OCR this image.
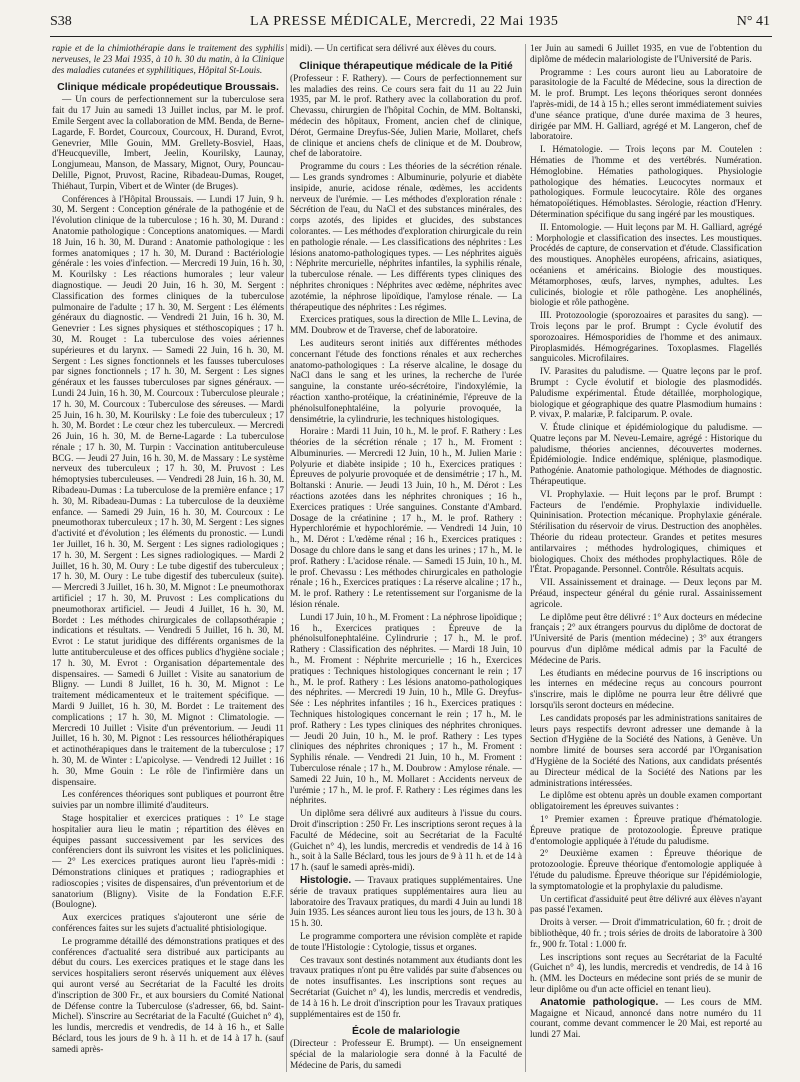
S38	LA PRESSE MÉDICALE, Mercredi, 22 Mai 1935	N° 41

rapie et de la chimiothérapie dans le traitement des syphilis nerveuses, le 23 Mai 1935, à 10 h. 30 du matin, à la Clinique des maladies cutanées et syphilitiques, Hôpital St-Louis.

Clinique médicale propédeutique Broussais.

— Un cours de perfectionnement sur la tuberculose sera fait du 17 Juin au samedi 13 Juillet inclus, par M. le prof. Emile Sergent avec la collaboration de MM. Benda, de Berne-Lagarde, F. Bordet, Courcoux, Courcoux, H. Durand, Evrot, Genevrier, Mlle Gouin, MM. Grellety-Bosviel, Haas, d'Heucqueville, Imbert, Jeelin, Kourilsky, Launay, Longjumeau, Manson, de Massary, Mignot, Oury, Pouncau-Delille, Pignot, Pruvost, Racine, Ribadeau-Dumas, Rouget, Thiéhaut, Turpin, Vibert et de Winter (de Bruges).

Conférences à l'Hôpital Broussais. — Lundi 17 Juin, 9 h. 30, M. Sergent : Conception générale de la pathogénie et de l'évolution clinique de la tuberculose ; 16 h. 30, M. Durand : Anatomie pathologique : Conceptions anatomiques. — Mardi 18 Juin, 16 h. 30, M. Durand : Anatomie pathologique : les formes anatomiques ; 17 h. 30, M. Durand : Bactériologie générale : les voies d'infection. — Mercredi 19 Juin, 16 h. 30, M. Kourilsky : Les réactions humorales ; leur valeur diagnostique. — Jeudi 20 Juin, 16 h. 30, M. Sergent : Classification des formes cliniques de la tuberculose pulmonaire de l'adulte ; 17 h. 30, M. Sergent : Les éléments généraux du diagnostic. — Vendredi 21 Juin, 16 h. 30, M. Genevrier : Les signes physiques et stéthoscopiques ; 17 h. 30, M. Rouget : La tuberculose des voies aériennes supérieures et du larynx. — Samedi 22 Juin, 16 h. 30, M. Sergent : Les signes fonctionnels et les fausses tuberculoses par signes fonctionnels ; 17 h. 30, M. Sergent : Les signes généraux et les fausses tuberculoses par signes généraux. — Lundi 24 Juin, 16 h. 30, M. Courcoux : Tuberculose pleurale ; 17 h. 30, M. Courcoux : Tuberculose des séreuses. — Mardi 25 Juin, 16 h. 30, M. Kourilsky : Le foie des tuberculeux ; 17 h. 30, M. Bordet : Le cœur chez les tuberculeux. — Mercredi 26 Juin, 16 h. 30, M. de Berne-Lagarde : La tuberculose rénale ; 17 h. 30, M. Turpin : Vaccination antituberculeuse BCG. — Jeudi 27 Juin, 16 h. 30, M. de Massary : Le système nerveux des tuberculeux ; 17 h. 30, M. Pruvost : Les hémoptysies tuberculeuses. — Vendredi 28 Juin, 16 h. 30, M. Ribadeau-Dumas : La tuberculose de la première enfance ; 17 h. 30, M. Ribadeau-Dumas : La tuberculose de la deuxième enfance. — Samedi 29 Juin, 16 h. 30, M. Courcoux : Le pneumothorax tuberculeux ; 17 h. 30, M. Sergent : Les signes d'activité et d'évolution ; les éléments du pronostic. — Lundi 1er Juillet, 16 h. 30, M. Sergent : Les signes radiologiques ; 17 h. 30, M. Sergent : Les signes radiologiques. — Mardi 2 Juillet, 16 h. 30, M. Oury : Le tube digestif des tuberculeux ; 17 h. 30, M. Oury : Le tube digestif des tuberculeux (suite). — Mercredi 3 Juillet, 16 h. 30, M. Mignot : Le pneumothorax artificiel ; 17 h. 30, M. Pruvost : Les complications du pneumothorax artificiel. — Jeudi 4 Juillet, 16 h. 30, M. Bordet : Les méthodes chirurgicales de collapsothérapie ; indications et résultats. — Vendredi 5 Juillet, 16 h. 30, M. Evrot : Le statut juridique des différents organismes de la lutte antituberculeuse et des offices publics d'hygiène sociale ; 17 h. 30, M. Evrot : Organisation départementale des dispensaires. — Samedi 6 Juillet : Visite au sanatorium de Bligny. — Lundi 8 Juillet, 16 h. 30, M. Mignot : Le traitement médicamenteux et le traitement spécifique. — Mardi 9 Juillet, 16 h. 30, M. Bordet : Le traitement des complications ; 17 h. 30, M. Mignot : Climatologie. — Mercredi 10 Juillet : Visite d'un préventorium. — Jeudi 11 Juillet, 16 h. 30, M. Pignot : Les ressources héliothérapiques et actinothérapiques dans le traitement de la tuberculose ; 17 h. 30, M. de Winter : L'apicolyse. — Vendredi 12 Juillet : 16 h. 30, Mme Gouin : Le rôle de l'infirmière dans un dispensaire.

Les conférences théoriques sont publiques et pourront être suivies par un nombre illimité d'auditeurs.

Stage hospitalier et exercices pratiques : 1° Le stage hospitalier aura lieu le matin ; répartition des élèves en équipes passant successivement par les services des conférenciers dont ils suivront les visites et les policliniques. — 2° Les exercices pratiques auront lieu l'après-midi : Démonstrations cliniques et pratiques ; radiographies et radioscopies ; visites de dispensaires, d'un préventorium et de sanatorium (Bligny). Visite de la Fondation E.F.F. (Boulogne).

Aux exercices pratiques s'ajouteront une série de conférences faites sur les sujets d'actualité phtisiologique.

Le programme détaillé des démonstrations pratiques et des conférences d'actualité sera distribué aux participants au début du cours. Les exercices pratiques et le stage dans les services hospitaliers seront réservés uniquement aux élèves qui auront versé au Secrétariat de la Faculté les droits d'inscription de 300 Fr., et aux boursiers du Comité National de Défense contre la Tuberculose (s'adresser, 66, bd. Saint-Michel). S'inscrire au Secrétariat de la Faculté (Guichet n° 4), les lundis, mercredis et vendredis, de 14 à 16 h., et Salle Béclard, tous les jours de 9 h. à 11 h. et de 14 à 17 h. (sauf samedi après-

midi). — Un certificat sera délivré aux élèves du cours.

Clinique thérapeutique médicale de la Pitié

(Professeur : F. Rathery). — Cours de perfectionnement sur les maladies des reins. Ce cours sera fait du 11 au 22 Juin 1935, par M. le prof. Rathery avec la collaboration du prof. Chevassu, chirurgien de l'hôpital Cochin, de MM. Boltanski, médecin des hôpitaux, Froment, ancien chef de clinique, Dérot, Germaine Dreyfus-Sée, Julien Marie, Mollaret, chefs de clinique et anciens chefs de clinique et de M. Doubrow, chef de laboratoire.

Programme du cours : Les théories de la sécrétion rénale. — Les grands syndromes : Albuminurie, polyurie et diabète insipide, anurie, acidose rénale, œdèmes, les accidents nerveux de l'urémie. — Les méthodes d'exploration rénale : Sécrétion de l'eau, du NaCl et des substances minérales, des corps azotés, des lipides et glucides, des substances colorantes. — Les méthodes d'exploration chirurgicale du rein en pathologie rénale. — Les classifications des néphrites : Les lésions anatomo-pathologiques types. — Les néphrites aiguës : Néphrite mercurielle, néphrites infantiles, la syphilis rénale, la tuberculose rénale. — Les différents types cliniques des néphrites chroniques : Néphrites avec œdème, néphrites avec azotémie, la néphrose lipoïdique, l'amylose rénale. — La thérapeutique des néphrites : Les régimes.

Exercices pratiques, sous la direction de Mlle L. Levina, de MM. Doubrow et de Traverse, chef de laboratoire.

Les auditeurs seront initiés aux différentes méthodes concernant l'étude des fonctions rénales et aux recherches anatomo-pathologiques : La réserve alcaline, le dosage du NaCl dans le sang et les urines, la recherche de l'urée sanguine, la constante uréo-sécrétoire, l'indoxylémie, la réaction xantho-protéique, la créatininémie, l'épreuve de la phénolsulfonephtaléine, la polyurie provoquée, la densimétrie, la cylindrurie, les techniques histologiques.

Horaire : Mardi 11 Juin, 10 h., M. le prof. F. Rathery : Les théories de la sécrétion rénale ; 17 h., M. Froment : Albuminuries. — Mercredi 12 Juin, 10 h., M. Julien Marie : Polyurie et diabète insipide ; 10 h., Exercices pratiques : Épreuves de polyurie provoquée et de densimétrie ; 17 h., M. Boltanski : Anurie. — Jeudi 13 Juin, 10 h., M. Dérot : Les réactions azotées dans les néphrites chroniques ; 16 h., Exercices pratiques : Urée sanguines. Constante d'Ambard. Dosage de la créatinine ; 17 h., M. le prof. Rathery : Hyperchlorémie et hypochlorémie. — Vendredi 14 Juin, 10 h., M. Dérot : L'œdème rénal ; 16 h., Exercices pratiques : Dosage du chlore dans le sang et dans les urines ; 17 h., M. le prof. Rathery : L'acidose rénale. — Samedi 15 Juin, 10 h., M. le prof. Chevassu : Les méthodes chirurgicales en pathologie rénale ; 16 h., Exercices pratiques : La réserve alcaline ; 17 h., M. le prof. Rathery : Le retentissement sur l'organisme de la lésion rénale.

Lundi 17 Juin, 10 h., M. Froment : La néphrose lipoïdique ; 16 h., Exercices pratiques : Épreuve de la phénolsulfonephtaléine. Cylindrurie ; 17 h., M. le prof. Rathery : Classification des néphrites. — Mardi 18 Juin, 10 h., M. Froment : Néphrite mercurielle ; 16 h., Exercices pratiques : Techniques histologiques concernant le rein ; 17 h., M. le prof. Rathery : Les lésions anatomo-pathologiques des néphrites. — Mercredi 19 Juin, 10 h., Mlle G. Dreyfus-Sée : Les néphrites infantiles ; 16 h., Exercices pratiques : Techniques histologiques concernant le rein ; 17 h., M. le prof. Rathery : Les types cliniques des néphrites chroniques. — Jeudi 20 Juin, 10 h., M. le prof. Rathery : Les types cliniques des néphrites chroniques ; 17 h., M. Froment : Syphilis rénale. — Vendredi 21 Juin, 10 h., M. Froment : Tuberculose rénale ; 17 h., M. Doubrow : Amylose rénale. — Samedi 22 Juin, 10 h., M. Mollaret : Accidents nerveux de l'urémie ; 17 h., M. le prof. F. Rathery : Les régimes dans les néphrites.

Un diplôme sera délivré aux auditeurs à l'issue du cours. Droit d'inscription : 250 Fr. Les inscriptions seront reçues à la Faculté de Médecine, soit au Secrétariat de la Faculté (Guichet n° 4), les lundis, mercredis et vendredis de 14 à 16 h., soit à la Salle Béclard, tous les jours de 9 à 11 h. et de 14 à 17 h. (sauf le samedi après-midi).

Histologie. — Travaux pratiques supplémentaires. Une série de travaux pratiques supplémentaires aura lieu au laboratoire des Travaux pratiques, du mardi 4 Juin au lundi 18 Juin 1935. Les séances auront lieu tous les jours, de 13 h. 30 à 15 h. 30.

Le programme comportera une révision complète et rapide de toute l'Histologie : Cytologie, tissus et organes.

Ces travaux sont destinés notamment aux étudiants dont les travaux pratiques n'ont pu être validés par suite d'absences ou de notes insuffisantes. Les inscriptions sont reçues au Secrétariat (Guichet n° 4), les lundis, mercredis et vendredis, de 14 à 16 h. Le droit d'inscription pour les Travaux pratiques supplémentaires est de 150 fr.

École de malariologie

(Directeur : Professeur E. Brumpt). — Un enseignement spécial de la malariologie sera donné à la Faculté de Médecine de Paris, du samedi

1er Juin au samedi 6 Juillet 1935, en vue de l'obtention du diplôme de médecin malariologiste de l'Université de Paris.

Programme : Les cours auront lieu au Laboratoire de parasitologie de la Faculté de Médecine, sous la direction de M. le prof. Brumpt. Les leçons théoriques seront données l'après-midi, de 14 à 15 h.; elles seront immédiatement suivies d'une séance pratique, d'une durée maxima de 3 heures, dirigée par MM. H. Galliard, agrégé et M. Langeron, chef de laboratoire.

I. Hématologie. — Trois leçons par M. Coutelen : Hématies de l'homme et des vertébrés. Numération. Hémoglobine. Hématies pathologiques. Physiologie pathologique des hématies. Leucocytes normaux et pathologiques. Formule leucocytaire. Rôle des organes hématopoïétiques. Hémoblastes. Sérologie, réaction d'Henry. Détermination spécifique du sang ingéré par les moustiques.

II. Entomologie. — Huit leçons par M. H. Galliard, agrégé : Morphologie et classification des insectes. Les moustiques. Procédés de capture, de conservation et d'étude. Classification des moustiques. Anophèles européens, africains, asiatiques, océaniens et américains. Biologie des moustiques. Métamorphoses, œufs, larves, nymphes, adultes. Les culicinés, biologie et rôle pathogène. Les anophélinés, biologie et rôle pathogène.

III. Protozoologie (sporozoaires et parasites du sang). — Trois leçons par le prof. Brumpt : Cycle évolutif des sporozoaires. Hémosporidies de l'homme et des animaux. Piroplasmidés. Hémogrégarines. Toxoplasmes. Flagellés sanguicoles. Microfilaires.

IV. Parasites du paludisme. — Quatre leçons par le prof. Brumpt : Cycle évolutif et biologie des plasmodidés. Paludisme expérimental. Étude détaillée, morphologique, biologique et géographique des quatre Plasmodium humains : P. vivax, P. malariæ, P. falciparum. P. ovale.

V. Étude clinique et épidémiologique du paludisme. — Quatre leçons par M. Neveu-Lemaire, agrégé : Historique du paludisme, théories anciennes, découvertes modernes. Épidémiologie. Indice endémique, splénique, plasmodique. Pathogénie. Anatomie pathologique. Méthodes de diagnostic. Thérapeutique.

VI. Prophylaxie. — Huit leçons par le prof. Brumpt : Facteurs de l'endémie. Prophylaxie individuelle. Quininisation. Protection mécanique. Prophylaxie générale. Stérilisation du réservoir de virus. Destruction des anophèles. Théorie du rideau protecteur. Grandes et petites mesures antilarvaires ; méthodes hydrologiques, chimiques et biologiques. Choix des méthodes prophylactiques. Rôle de l'État. Propagande. Personnel. Contrôle. Résultats acquis.

VII. Assainissement et drainage. — Deux leçons par M. Préaud, inspecteur général du génie rural. Assainissement agricole.

Le diplôme peut être délivré : 1° Aux docteurs en médecine français ; 2° aux étrangers pourvus du diplôme de doctorat de l'Université de Paris (mention médecine) ; 3° aux étrangers pourvus d'un diplôme médical admis par la Faculté de Médecine de Paris.

Les étudiants en médecine pourvus de 16 inscriptions ou les internes en médecine reçus au concours pourront s'inscrire, mais le diplôme ne pourra leur être délivré que lorsqu'ils seront docteurs en médecine.

Les candidats proposés par les administrations sanitaires de leurs pays respectifs devront adresser une demande à la Section d'Hygiène de la Société des Nations, à Genève. Un nombre limité de bourses sera accordé par l'Organisation d'Hygiène de la Société des Nations, aux candidats présentés au Directeur médical de la Société des Nations par les administrations intéressées.

Le diplôme est obtenu après un double examen comportant obligatoirement les épreuves suivantes :

1° Premier examen : Épreuve pratique d'hématologie. Épreuve pratique de protozoologie. Épreuve pratique d'entomologie appliquée à l'étude du paludisme.

2° Deuxième examen : Épreuve théorique de protozoologie. Épreuve théorique d'entomologie appliquée à l'étude du paludisme. Épreuve théorique sur l'épidémiologie, la symptomatologie et la prophylaxie du paludisme.

Un certificat d'assiduité peut être délivré aux élèves n'ayant pas passé l'examen.

Droits à verser. — Droit d'immatriculation, 60 fr. ; droit de bibliothèque, 40 fr. ; trois séries de droits de laboratoire à 300 fr., 900 fr. Total : 1.000 fr.

Les inscriptions sont reçues au Secrétariat de la Faculté (Guichet n° 4), les lundis, mercredis et vendredis, de 14 à 16 h. (MM. les Docteurs en médecine sont priés de se munir de leur diplôme ou d'un acte officiel en tenant lieu).

Anatomie pathologique. — Les cours de MM. Magaigne et Nicaud, annoncé dans notre numéro du 11 courant, comme devant commencer le 20 Mai, est reporté au lundi 27 Mai.
